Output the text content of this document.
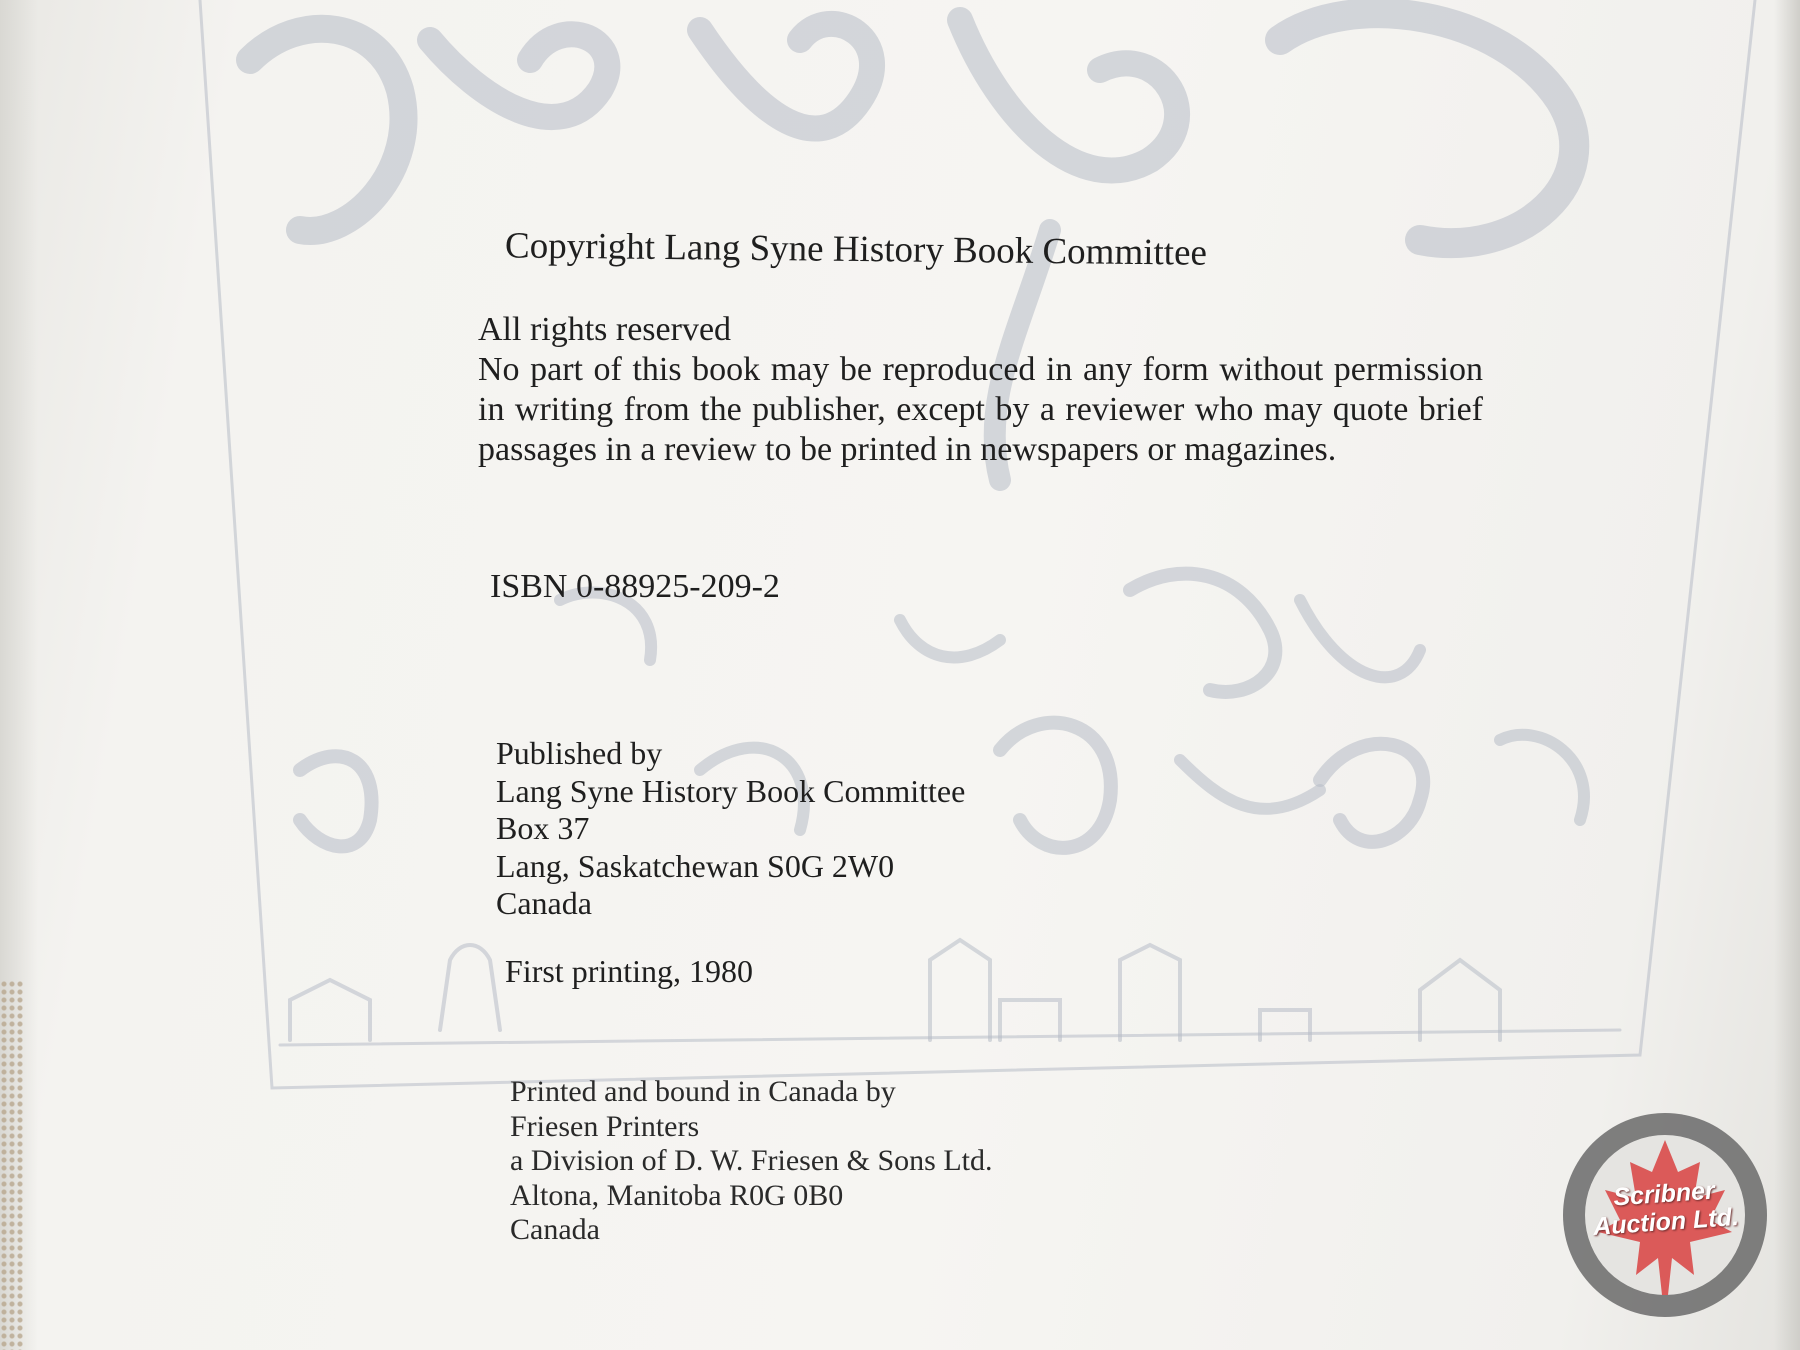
Copyright Lang Syne History Book Committee
All rights reserved
No part of this book may be reproduced in any form without permission in writing from the publisher, except by a reviewer who may quote brief passages in a review to be printed in newspapers or magazines.
ISBN 0-88925-209-2
Published by
Lang Syne History Book Committee
Box 37
Lang, Saskatchewan S0G 2W0
Canada
First printing, 1980
Printed and bound in Canada by
Friesen Printers
a Division of D. W. Friesen & Sons Ltd.
Altona, Manitoba R0G 0B0
Canada
Scribner
Auction Ltd.
